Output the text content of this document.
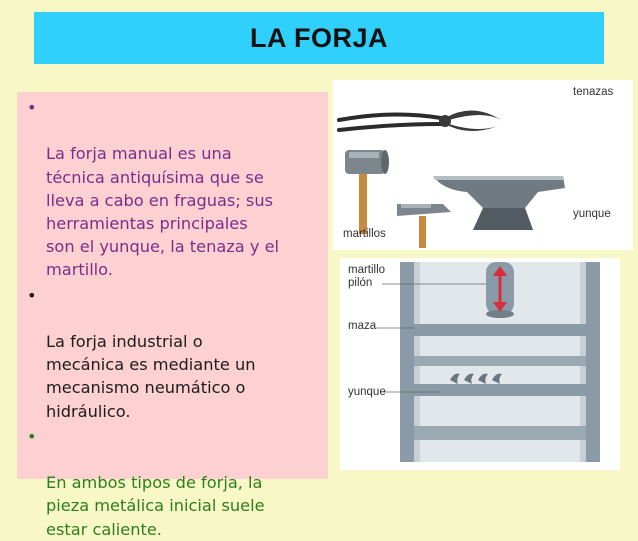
LA FORJA

•

La forja manual es una
técnica antiquísima que se
lleva a cabo en fraguas; sus
herramientas principales
son el yunque, la tenaza y el
martillo.

•

La forja industrial o
mecánica es mediante un
mecanismo neumático o
hidráulico.

•

En ambos tipos de forja, la
pieza metálica inicial suele
estar caliente.

tenazas
yunque
martillos
martillo
pilón
maza
yunque
